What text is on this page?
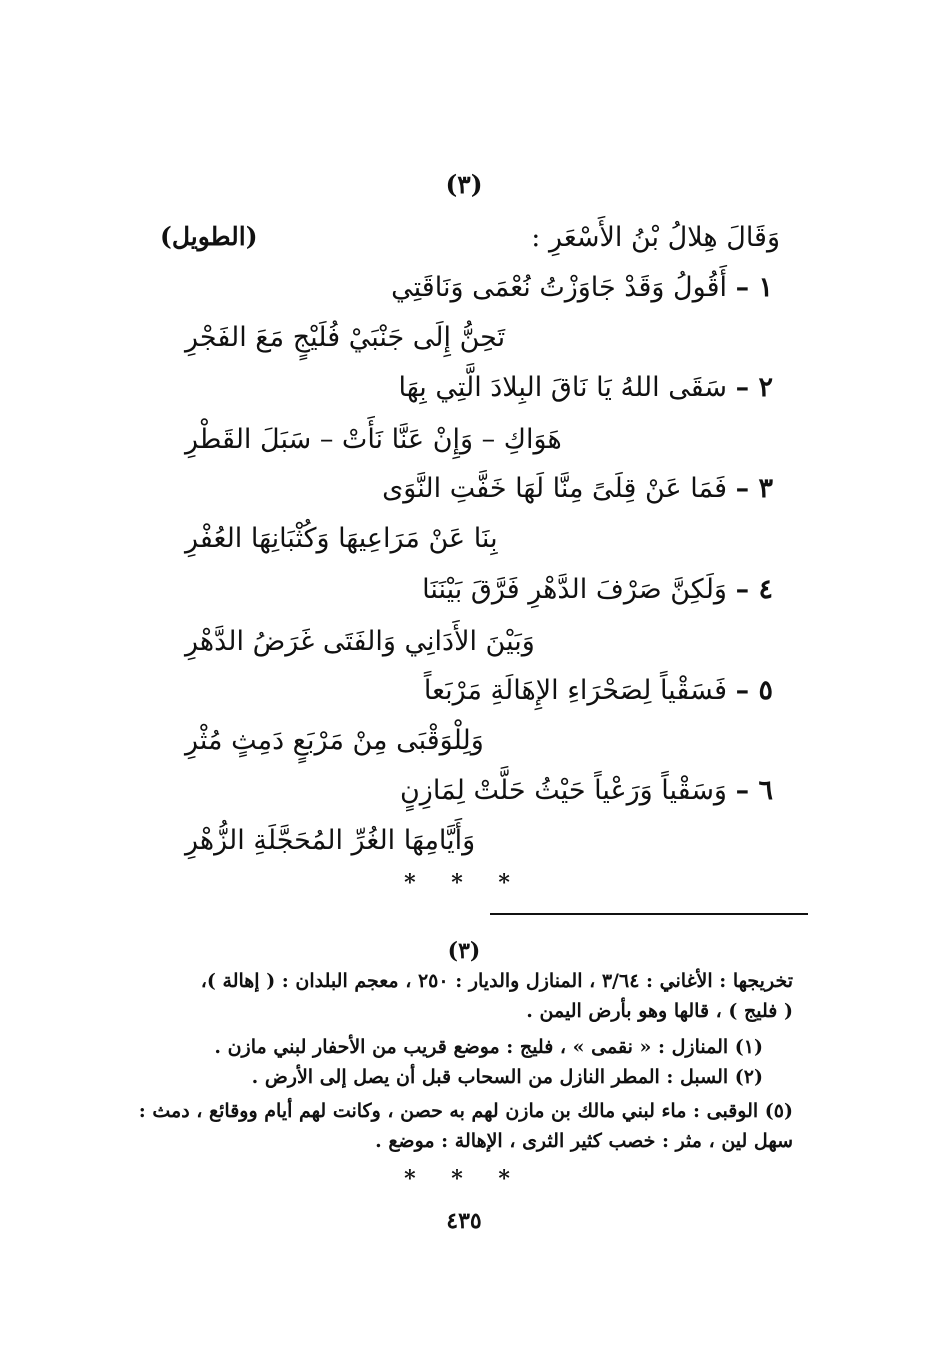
(٣)
وَقَالَ هِلالُ بْنُ الأَسْعَرِ :
(الطويل)
١ – أَقُولُ وَقَدْ جَاوَزْتُ نُعْمَى وَنَاقَتِي
تَحِنُّ إِلَى جَنْبَيْ فُلَيْجٍ مَعَ الفَجْرِ
٢ – سَقَى اللهُ يَا نَاقَ البِلادَ الَّتِي بِهَا
هَوَاكِ – وَإِنْ عَنَّا نَأَتْ – سَبَلَ القَطْرِ
٣ – فَمَا عَنْ قِلَىً مِنَّا لَهَا خَفَّتِ النَّوَى
بِنَا عَنْ مَرَاعِيهَا وَكُثْبَانِهَا العُفْرِ
٤ – وَلَكِنَّ صَرْفَ الدَّهْرِ فَرَّقَ بَيْنَنَا
وَبَيْنَ الأَدَانِي وَالفَتَى غَرَضُ الدَّهْرِ
٥ – فَسَقْياً لِصَحْرَاءِ الإِهَالَةِ مَرْبَعاً
وَلِلْوَقْبَى مِنْ مَرْبَعٍ دَمِثٍ مُثْرِ
٦ – وَسَقْياً وَرَعْياً حَيْثُ حَلَّتْ لِمَازِنٍ
وَأَيَّامِهَا الغُرِّ المُحَجَّلَةِ الزُّهْرِ
* * *
(٣)
تخريجها : الأغاني : ٣/٦٤ ، المنازل والديار : ٢٥٠ ، معجم البلدان : ( إهالة )،
( فليج ) ، قالها وهو بأرض اليمن .
(١) المنازل : « نقمى » ، فليج : موضع قريب من الأحفار لبني مازن .
(٢) السبل : المطر النازل من السحاب قبل أن يصل إلى الأرض .
(٥) الوقبى : ماء لبني مالك بن مازن لهم به حصن ، وكانت لهم أيام ووقائع ، دمث :
سهل لين ، مثر : خصب كثير الثرى ، الإهالة : موضع .
* * *
٤٣٥
